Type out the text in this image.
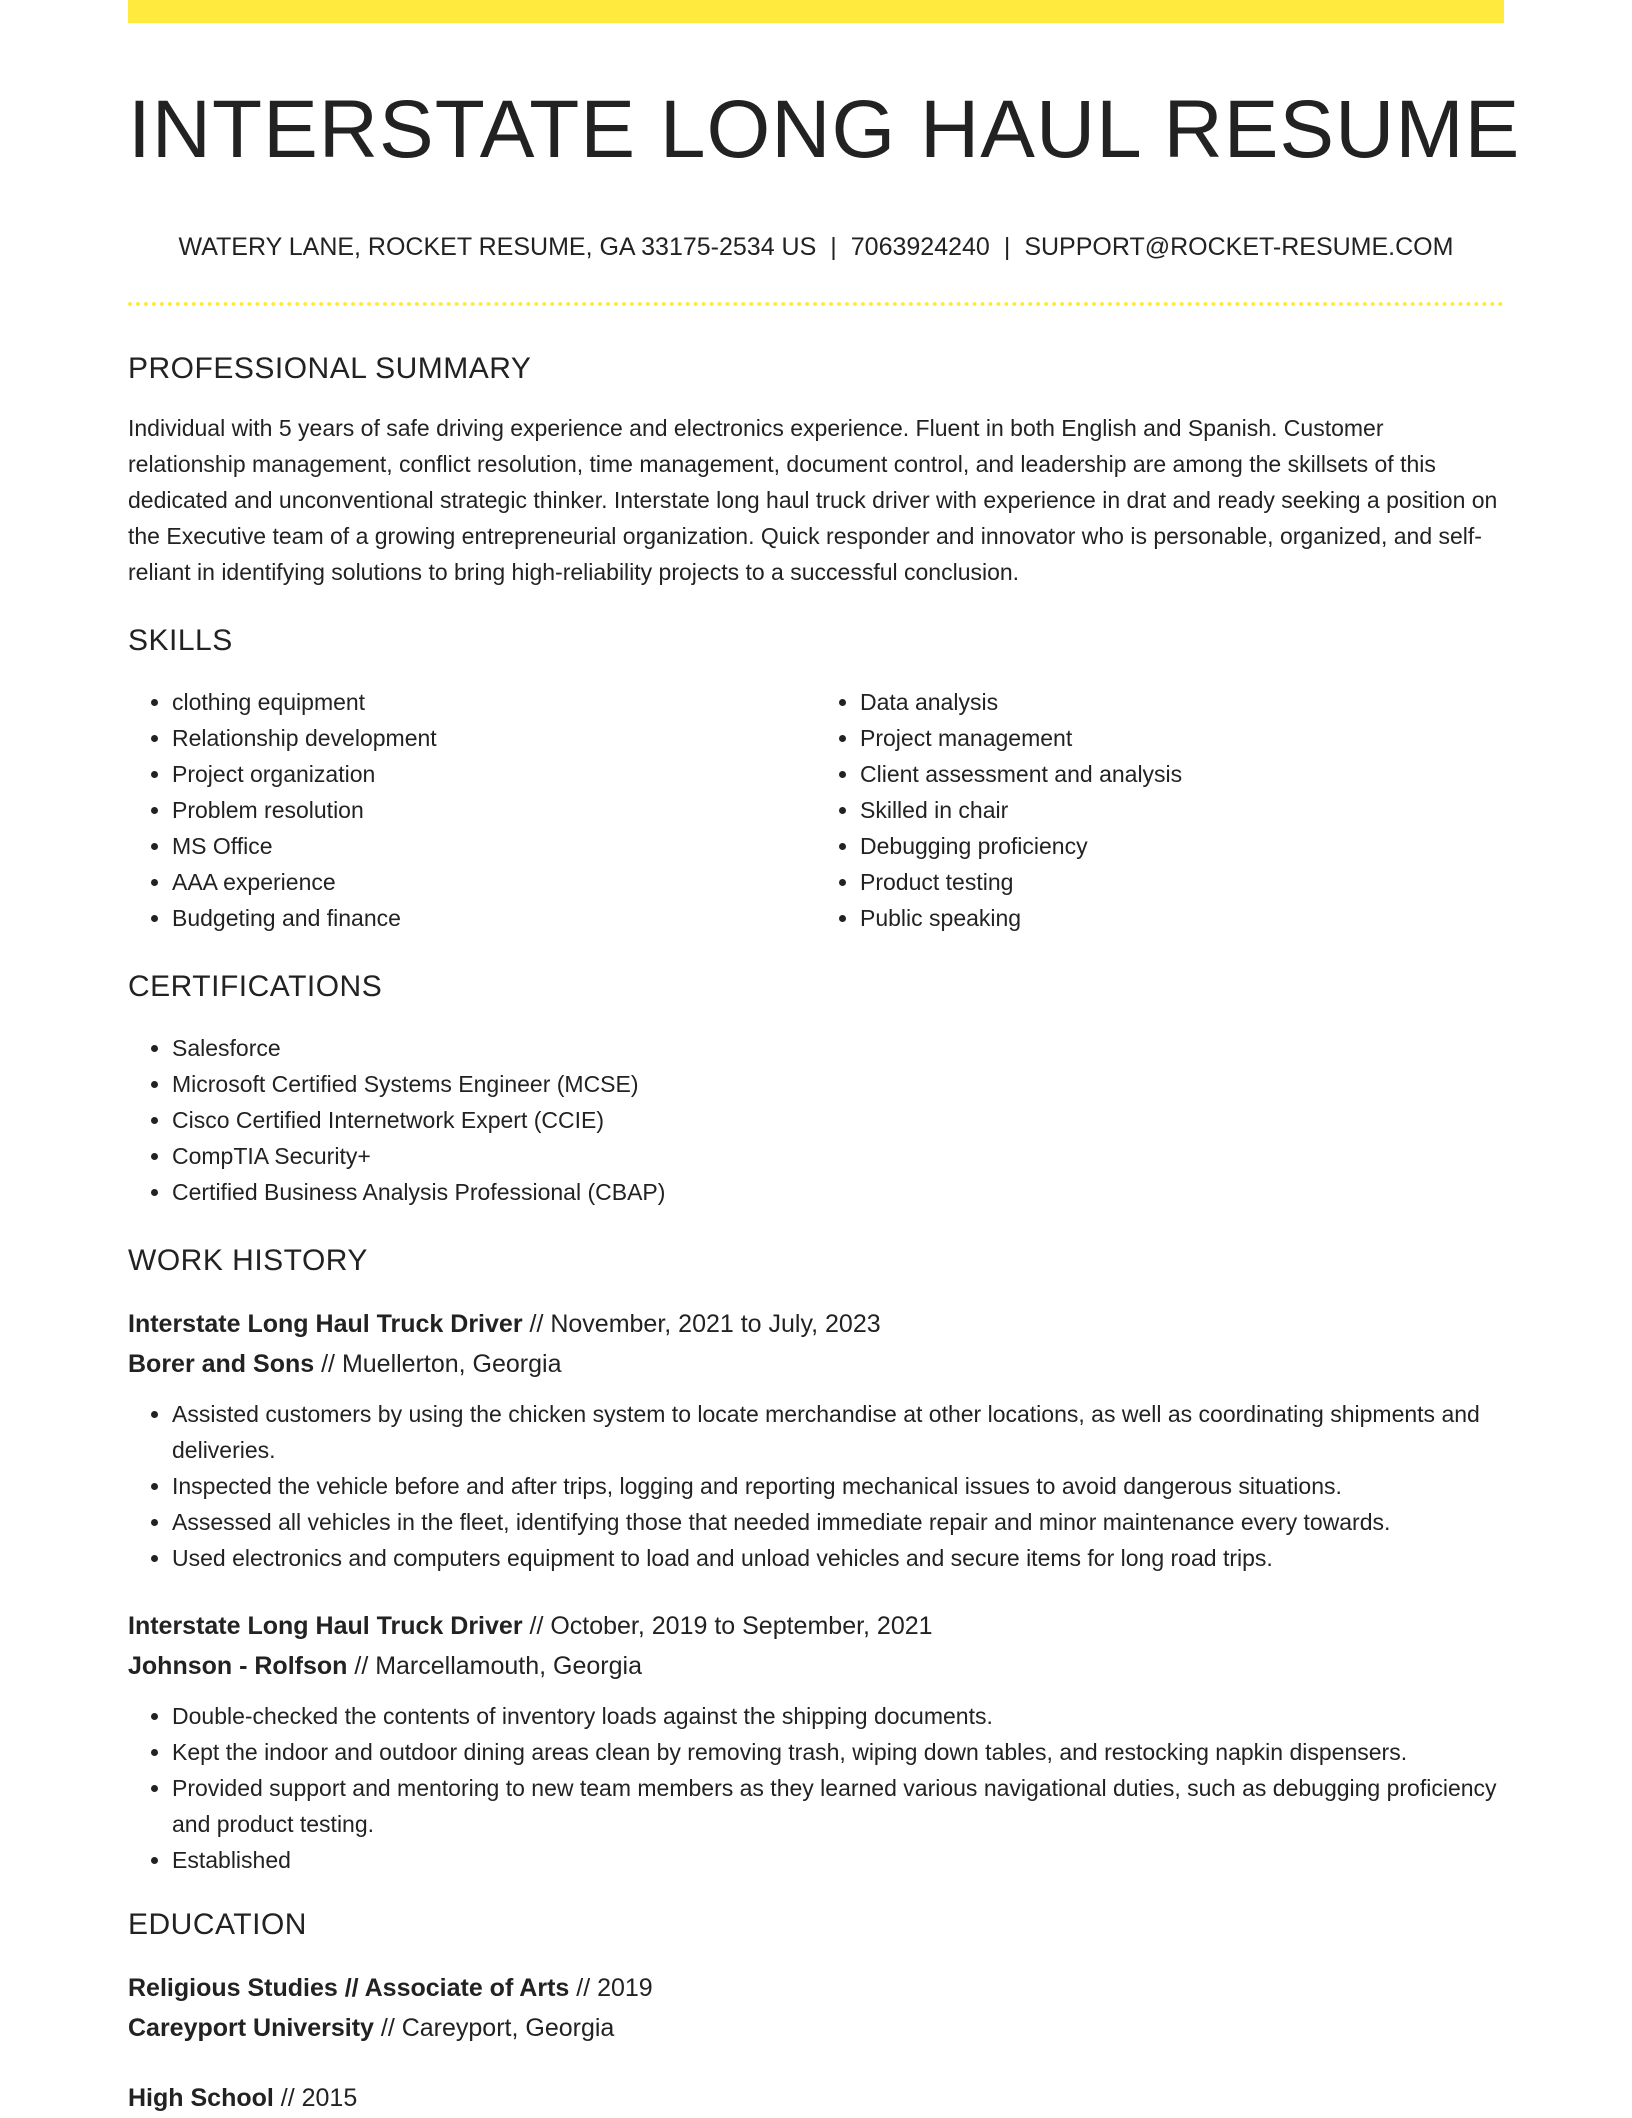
INTERSTATE LONG HAUL RESUME
WATERY LANE, ROCKET RESUME, GA 33175-2534 US | 7063924240 | SUPPORT@ROCKET-RESUME.COM
PROFESSIONAL SUMMARY

Individual with 5 years of safe driving experience and electronics experience. Fluent in both English and Spanish. Customer relationship management, conflict resolution, time management, document control, and leadership are among the skillsets of this dedicated and unconventional strategic thinker. Interstate long haul truck driver with experience in drat and ready seeking a position on the Executive team of a growing entrepreneurial organization. Quick responder and innovator who is personable, organized, and self-reliant in identifying solutions to bring high-reliability projects to a successful conclusion.

SKILLS
• clothing equipment
• Relationship development
• Project organization
• Problem resolution
• MS Office
• AAA experience
• Budgeting and finance
• Data analysis
• Project management
• Client assessment and analysis
• Skilled in chair
• Debugging proficiency
• Product testing
• Public speaking
CERTIFICATIONS
• Salesforce
• Microsoft Certified Systems Engineer (MCSE)
• Cisco Certified Internetwork Expert (CCIE)
• CompTIA Security+
• Certified Business Analysis Professional (CBAP)
WORK HISTORY
Interstate Long Haul Truck Driver // November, 2021 to July, 2023
Borer and Sons // Muellerton, Georgia
• Assisted customers by using the chicken system to locate merchandise at other locations, as well as coordinating shipments and deliveries.
• Inspected the vehicle before and after trips, logging and reporting mechanical issues to avoid dangerous situations.
• Assessed all vehicles in the fleet, identifying those that needed immediate repair and minor maintenance every towards.
• Used electronics and computers equipment to load and unload vehicles and secure items for long road trips.
Interstate Long Haul Truck Driver // October, 2019 to September, 2021
Johnson - Rolfson // Marcellamouth, Georgia
• Double-checked the contents of inventory loads against the shipping documents.
• Kept the indoor and outdoor dining areas clean by removing trash, wiping down tables, and restocking napkin dispensers.
• Provided support and mentoring to new team members as they learned various navigational duties, such as debugging proficiency and product testing.
• Established
EDUCATION
Religious Studies // Associate of Arts // 2019
Careyport University // Careyport, Georgia
High School // 2015
